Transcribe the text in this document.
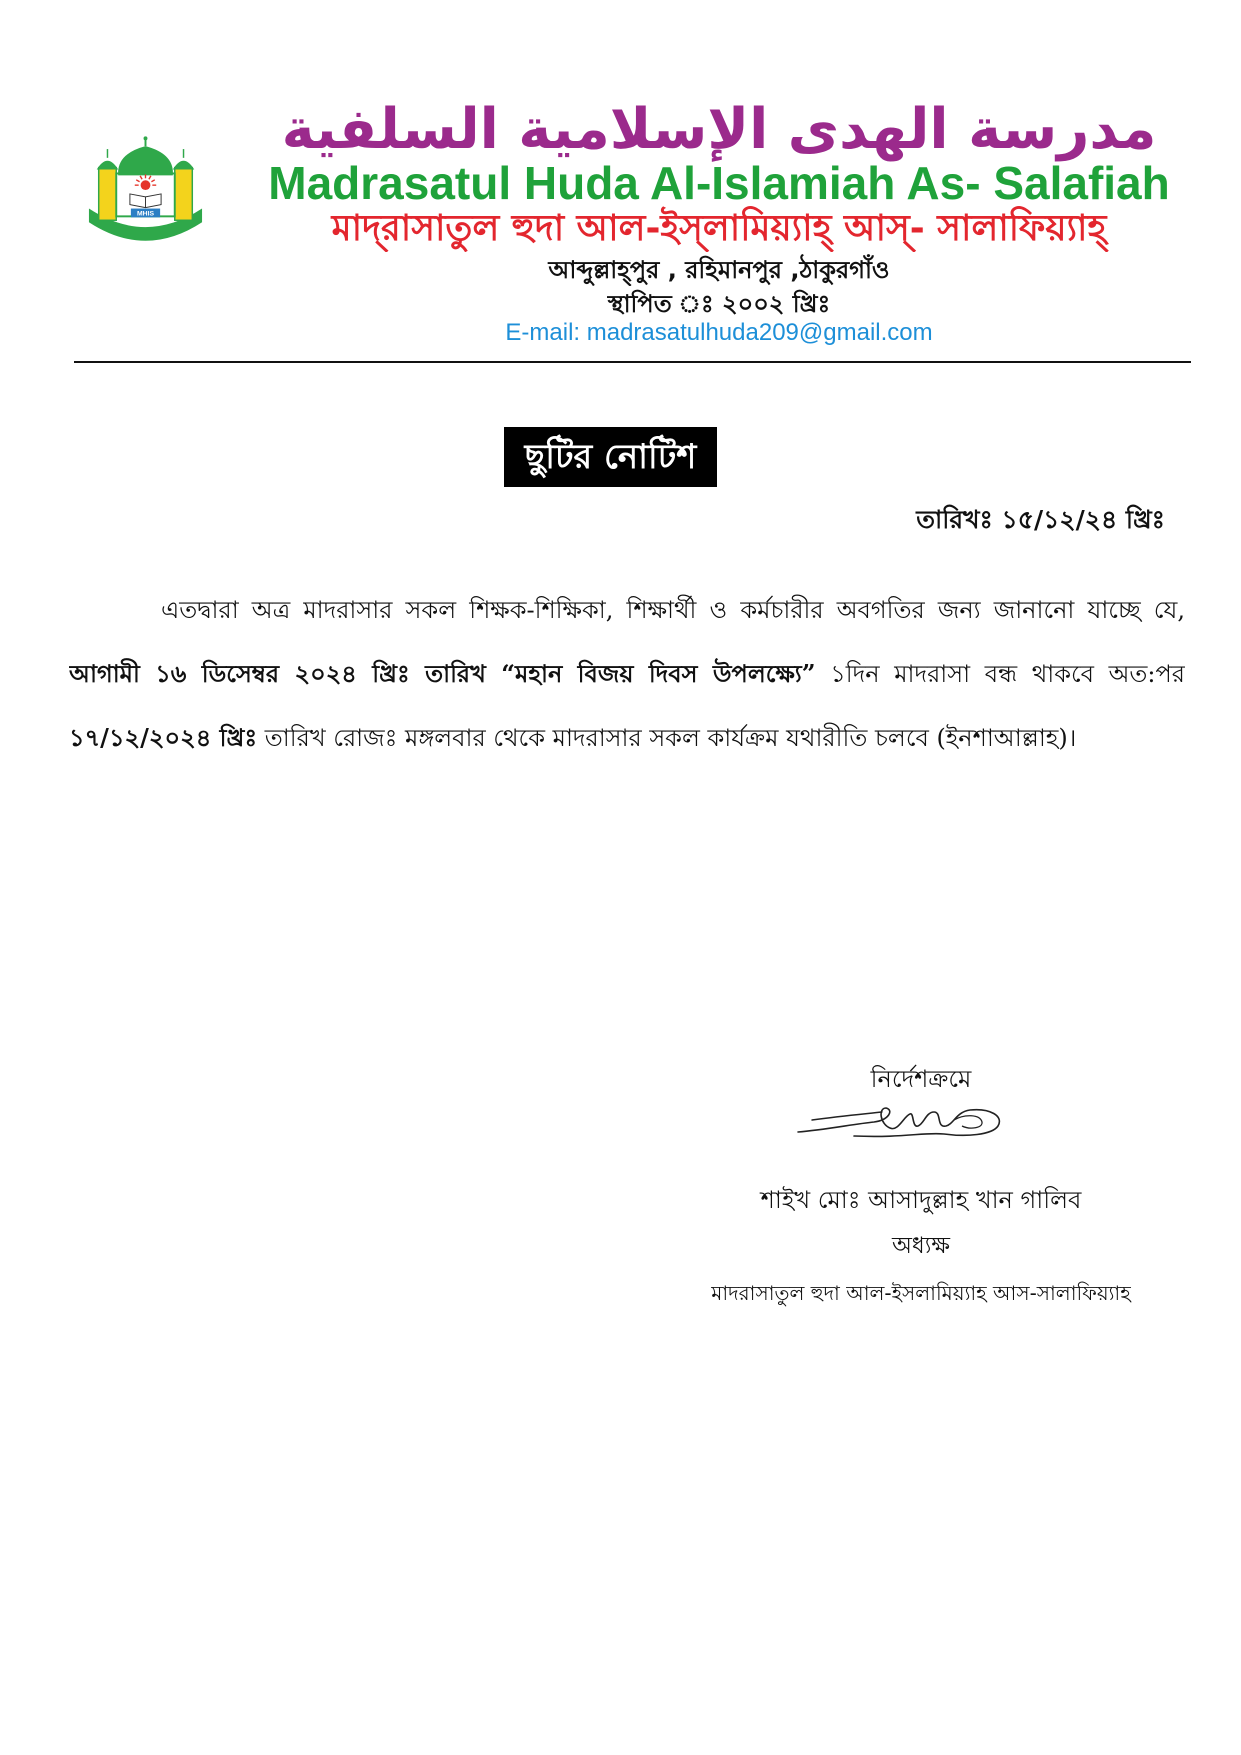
MHIS
Estd. 2002
مدرسة الهدى الإسلامية السلفية
Madrasatul Huda Al-Islamiah As- Salafiah
মাদ্‌রাসাতুল হুদা আল-ইস্‌লামিয়্যাহ্‌ আস্‌- সালাফিয়্যাহ্‌
আব্দুল্লাহ্‌পুর , রহিমানপুর ,ঠাকুরগাঁও
স্থাপিত ঃ ২০০২ খ্রিঃ
E-mail: madrasatulhuda209@gmail.com
ছুটির নোটিশ
তারিখঃ ১৫/১২/২৪ খ্রিঃ

এতদ্বারা অত্র মাদরাসার সকল শিক্ষক-শিক্ষিকা, শিক্ষার্থী ও কর্মচারীর অবগতির জন্য জানানো যাচ্ছে যে, আগামী ১৬ ডিসেম্বর ২০২৪ খ্রিঃ তারিখ “মহান বিজয় দিবস উপলক্ষ্যে” ১দিন মাদরাসা বন্ধ থাকবে অত:পর ১৭/১২/২০২৪ খ্রিঃ তারিখ রোজঃ মঙ্গলবার থেকে মাদরাসার সকল কার্যক্রম যথারীতি চলবে (ইনশাআল্লাহ)।

নির্দেশক্রমে
শাইখ মোঃ আসাদুল্লাহ খান গালিব
অধ্যক্ষ
মাদরাসাতুল হুদা আল-ইসলামিয়্যাহ আস-সালাফিয়্যাহ
